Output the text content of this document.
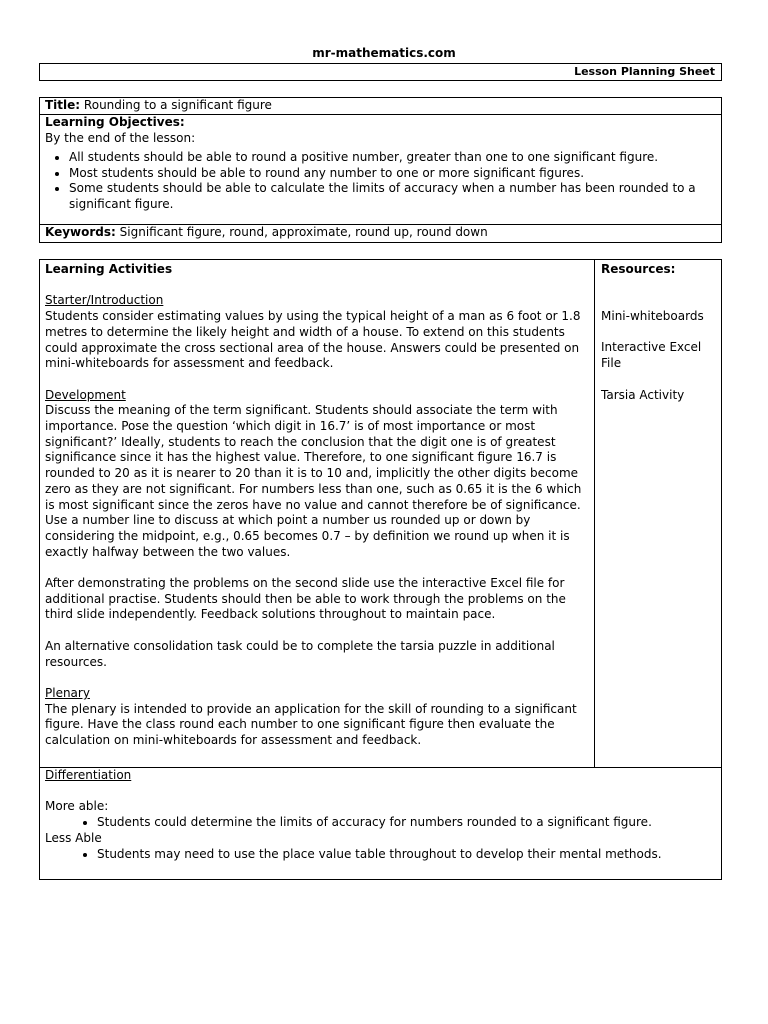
mr-mathematics.com
Lesson Planning Sheet
Title: Rounding to a significant figure
Learning Objectives:
By the end of the lesson:
• All students should be able to round a positive number, greater than one to one significant figure.
• Most students should be able to round any number to one or more significant figures.
• Some students should be able to calculate the limits of accuracy when a number has been rounded to a significant figure.
Keywords: Significant figure, round, approximate, round up, round down
Learning Activities
Starter/Introduction
Students consider estimating values by using the typical height of a man as 6 foot or 1.8 metres to determine the likely height and width of a house. To extend on this students could approximate the cross sectional area of the house. Answers could be presented on mini-whiteboards for assessment and feedback.
Development
Discuss the meaning of the term significant. Students should associate the term with importance. Pose the question ‘which digit in 16.7’ is of most importance or most significant?’ Ideally, students to reach the conclusion that the digit one is of greatest significance since it has the highest value. Therefore, to one significant figure 16.7 is rounded to 20 as it is nearer to 20 than it is to 10 and, implicitly the other digits become zero as they are not significant. For numbers less than one, such as 0.65 it is the 6 which is most significant since the zeros have no value and cannot therefore be of significance.
Use a number line to discuss at which point a number us rounded up or down by considering the midpoint, e.g., 0.65 becomes 0.7 – by definition we round up when it is exactly halfway between the two values.
After demonstrating the problems on the second slide use the interactive Excel file for additional practise. Students should then be able to work through the problems on the third slide independently. Feedback solutions throughout to maintain pace.
An alternative consolidation task could be to complete the tarsia puzzle in additional resources.
Plenary
The plenary is intended to provide an application for the skill of rounding to a significant figure. Have the class round each number to one significant figure then evaluate the calculation on mini-whiteboards for assessment and feedback.
Resources:
Mini-whiteboards
Interactive Excel File
Tarsia Activity
Differentiation
More able:
• Students could determine the limits of accuracy for numbers rounded to a significant figure.
Less Able
• Students may need to use the place value table throughout to develop their mental methods.
